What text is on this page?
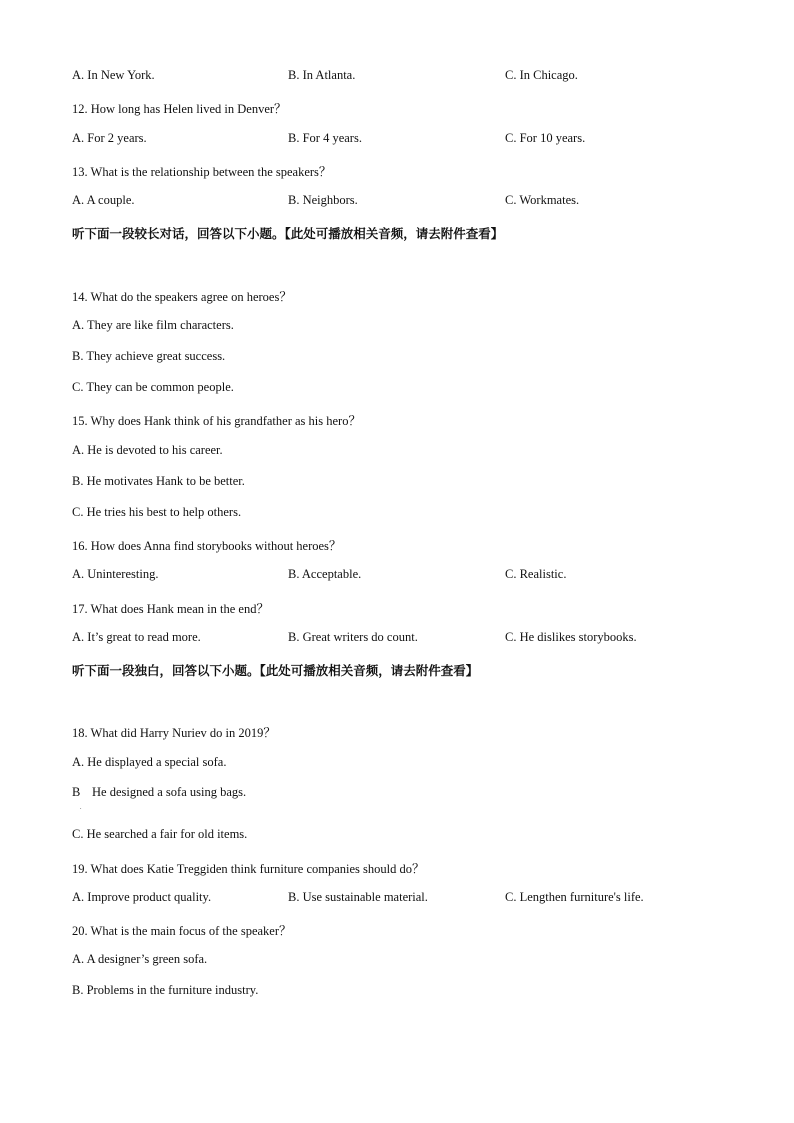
A. In New York.	B. In Atlanta.	C. In Chicago.
12. How long has Helen lived in Denver？
A. For 2 years.	B. For 4 years.	C. For 10 years.
13. What is the relationship between the speakers？
A. A couple.	B. Neighbors.	C. Workmates.
听下面一段较长对话，回答以下小题。【此处可播放相关音频，请去附件查看】
14. What do the speakers agree on heroes？
A. They are like film characters.
B. They achieve great success.
C. They can be common people.
15. Why does Hank think of his grandfather as his hero？
A. He is devoted to his career.
B. He motivates Hank to be better.
C. He tries his best to help others.
16. How does Anna find storybooks without heroes？
A. Uninteresting.	B. Acceptable.	C. Realistic.
17. What does Hank mean in the end？
A. It’s great to read more.	B. Great writers do count.	C. He dislikes storybooks.
听下面一段独白，回答以下小题。【此处可播放相关音频，请去附件查看】
18. What did Harry Nuriev do in 2019？
A. He displayed a special sofa.
B He designed a sofa using bags.
.
C. He searched a fair for old items.
19. What does Katie Treggiden think furniture companies should do？
A. Improve product quality.	B. Use sustainable material.	C. Lengthen furniture's life.
20. What is the main focus of the speaker？
A. A designer’s green sofa.
B. Problems in the furniture industry.
